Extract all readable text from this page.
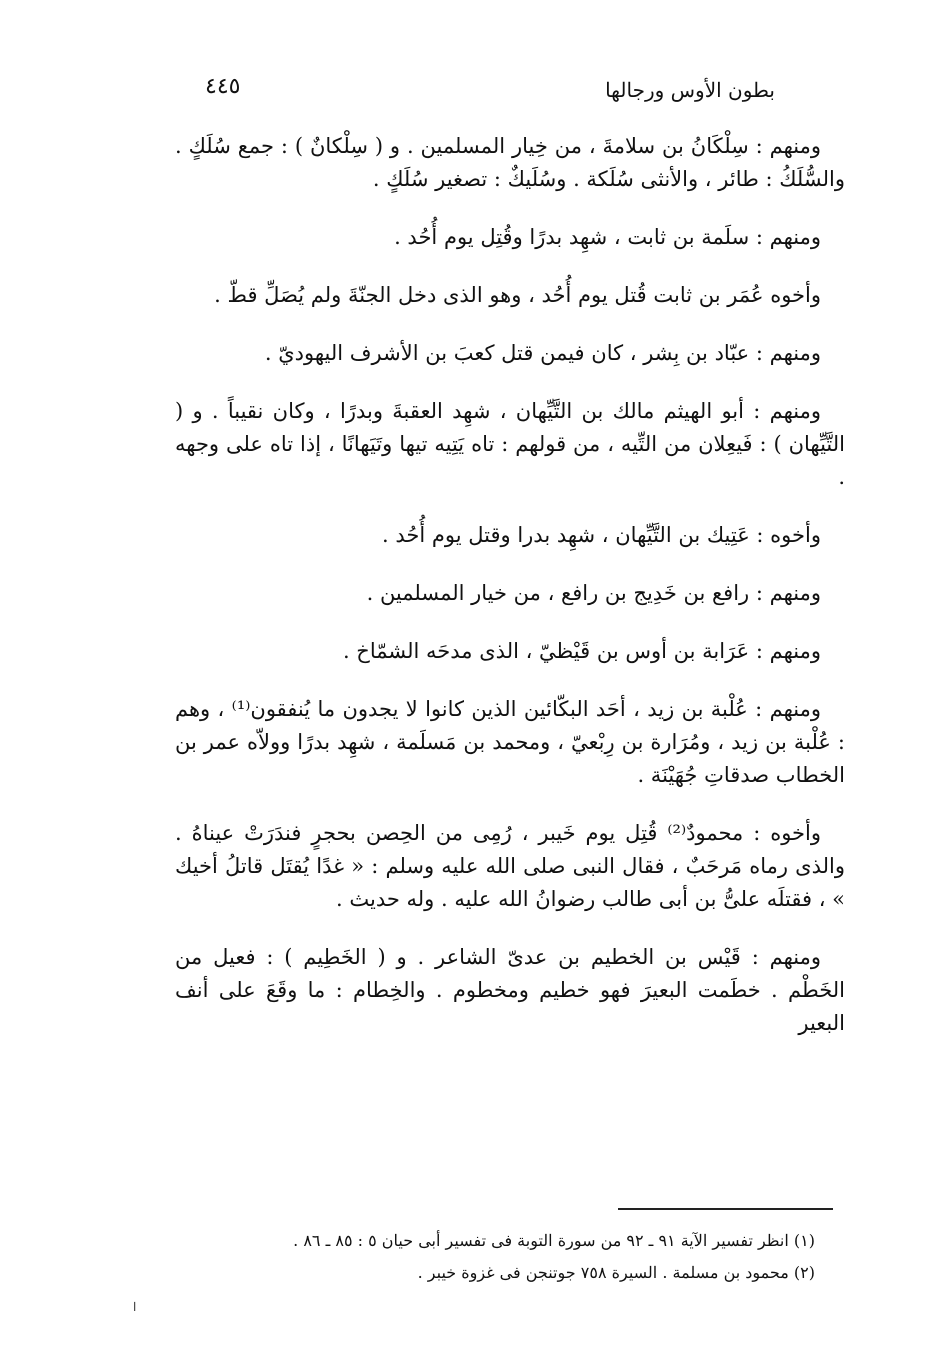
٤٤٥	بطون الأوس ورجالها

ومنهم : سِلْكَانُ بن سلامةَ ، من خِيار المسلمين . و ( سِلْكانٌ ) : جمع سُلَكٍ . والسُّلَكُ : طائر ، والأنثى سُلَكة . وسُلَيكٌ : تصغير سُلَكٍ .

ومنهم : سلَمة بن ثابت ، شهِد بدرًا وقُتِل يوم أُحُد .

وأخوه عُمَر بن ثابت قُتل يوم أُحُد ، وهو الذى دخل الجنّةَ ولم يُصَلِّ قطّ .

ومنهم : عبّاد بن بِشر ، كان فيمن قتل كعبَ بن الأشرف اليهوديّ .

ومنهم : أبو الهيثم مالك بن التَّيِّهان ، شهِد العقبةَ وبدرًا ، وكان نقيباً . و ( التَّيِّهان ) : فَيعِلان من التِّيه ، من قولهم : تاه يَتِيه تيها وتَيَهانًا ، إذا تاه على وجهه .

وأخوه : عَتِيك بن التَّيِّهان ، شهِد بدرا وقتل يوم أُحُد .

ومنهم : رافع بن خَدِيج بن رافع ، من خيار المسلمين .

ومنهم : عَرَابة بن أوس بن قَيْظيّ ، الذى مدحَه الشمّاخ .

ومنهم : عُلْبة بن زيد ، أحَد البكّائين الذين كانوا لا يجدون ما يُنفقون⁽¹⁾ ، وهم : عُلْبة بن زيد ، ومُرَارة بن رِبْعيّ ، ومحمد بن مَسلَمة ، شهِد بدرًا وولاّه عمر بن الخطاب صدقاتِ جُهَيْنَة .

وأخوه : محمودٌ⁽²⁾ قُتِل يوم خَيبر ، رُمِى من الحِصن بحجرٍ فندَرَتْ عيناهُ . والذى رماه مَرحَبٌ ، فقال النبى صلى الله عليه وسلم : « غدًا يُقتَل قاتلُ أخيك » ، فقتلَه علىُّ بن أبى طالب رضوانُ الله عليه . وله حديث .

ومنهم : قَيْس بن الخطيم بن عدىّ الشاعر . و ( الخَطِيم ) : فعيل من الخَطْم . خطَمت البعيرَ فهو خطيم ومخطوم . والخِطام : ما وقَعَ على أنف البعير

(١) انظر تفسير الآية ٩١ ـ ٩٢ من سورة التوبة فى تفسير أبى حيان ٥ : ٨٥ ـ ٨٦ .

(٢) محمود بن مسلمة . السيرة ٧٥٨ جوتنجن فى غزوة خيبر .

ا
